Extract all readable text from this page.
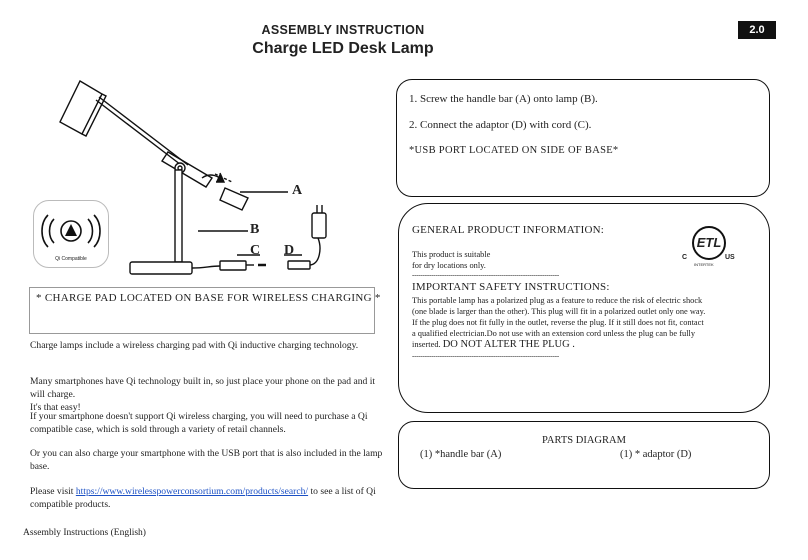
ASSEMBLY INSTRUCTION
Charge LED Desk Lamp
2.0
A
B
C D
Qi Compatible
* CHARGE PAD LOCATED ON BASE FOR WIRELESS CHARGING *
Charge lamps include a wireless charging pad with Qi inductive charging technology.
Many smartphones have Qi technology built in, so just place your phone on the pad and it will charge.
It's that easy!
If your smartphone doesn't support Qi wireless charging, you will need to purchase a Qi compatible case, which is sold through a variety of retail channels.
Or you can also charge your smartphone with the USB port that is also included in the lamp base.
Please visit https://www.wirelesspowerconsortium.com/products/search/ to see a list of Qi compatible products.
Assembly Instructions (English)
1. Screw the handle bar (A) onto lamp (B).
2. Connect the adaptor (D) with cord (C).
*USB PORT LOCATED ON SIDE OF BASE*
GENERAL PRODUCT INFORMATION:
This product is suitable
for dry locations only.
---------------------------------------------------------------------
IMPORTANT SAFETY INSTRUCTIONS:
This portable lamp has a polarized plug as a feature to reduce the risk of electric shock
(one blade is larger than the other). This plug will fit in a polarized outlet only one way.
If the plug does not fit fully in the outlet, reverse the plug. If it still does not fit, contact
a qualified electrician.Do not use with an extension cord unless the plug can be fully
inserted. DO NOT ALTER THE PLUG .
---------------------------------------------------------------------
ETL
C
INTERTEK
US
PARTS DIAGRAM
(1) *handle bar (A)	(1) * adaptor (D)
